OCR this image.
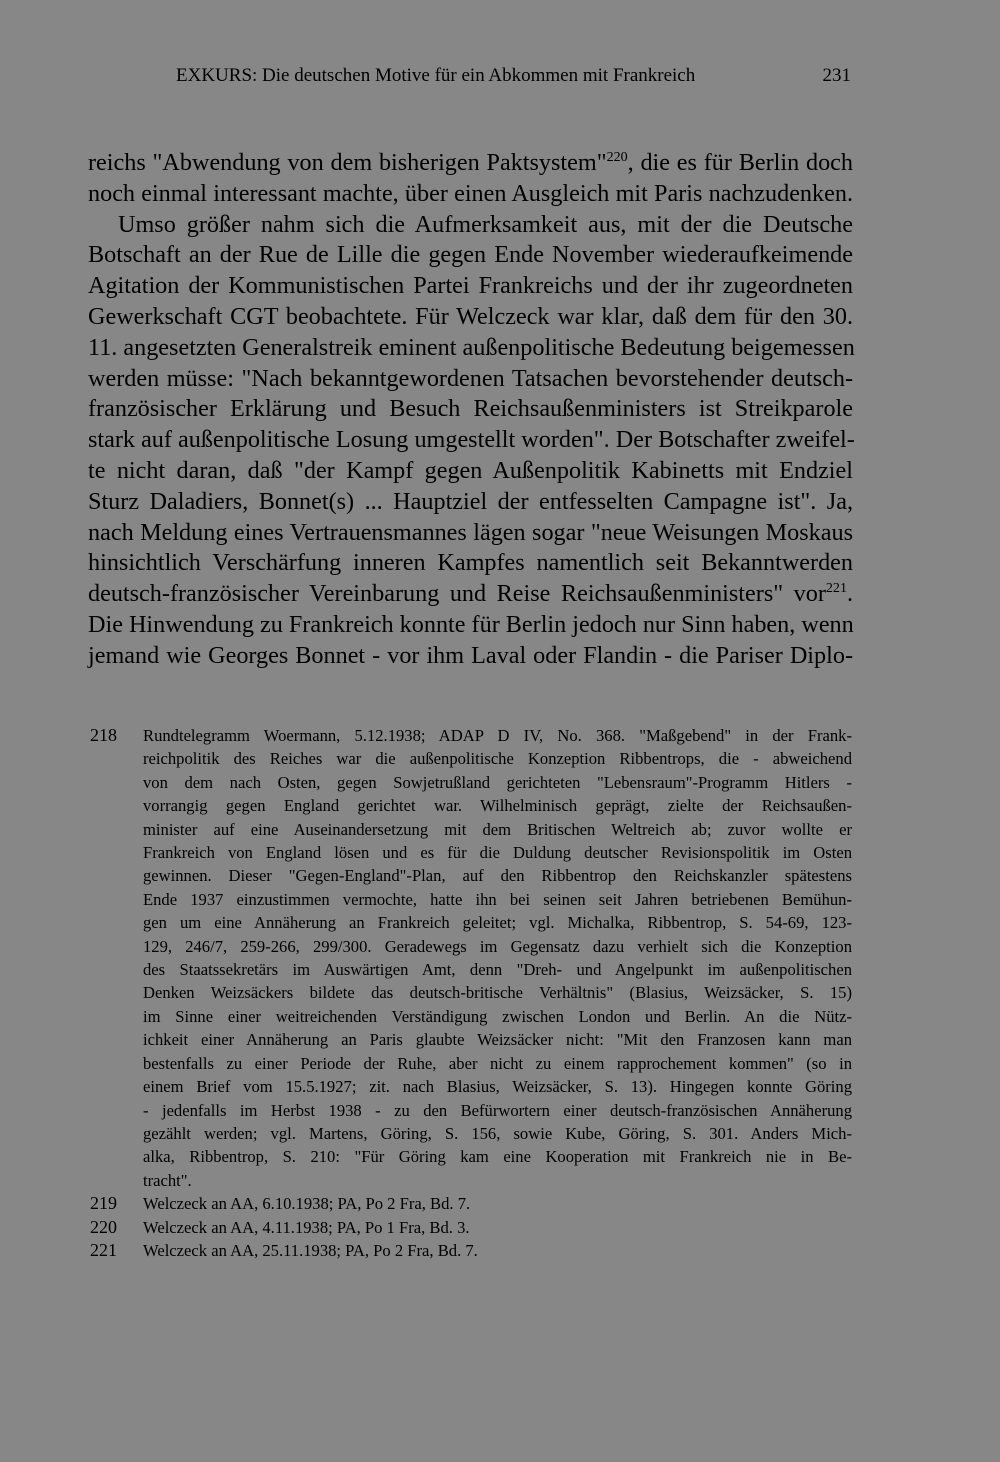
EXKURS: Die deutschen Motive für ein Abkommen mit Frankreich	231
reichs "Abwendung von dem bisherigen Paktsystem"$^{220}$, die es für Berlin doch
noch einmal interessant machte, über einen Ausgleich mit Paris nachzudenken.
Umso größer nahm sich die Aufmerksamkeit aus, mit der die Deutsche
Botschaft an der Rue de Lille die gegen Ende November wiederaufkeimende
Agitation der Kommunistischen Partei Frankreichs und der ihr zugeordneten
Gewerkschaft CGT beobachtete. Für Welczeck war klar, daß dem für den 30.
11. angesetzten Generalstreik eminent außenpolitische Bedeutung beigemessen
werden müsse: "Nach bekanntgewordenen Tatsachen bevorstehender deutsch-
französischer Erklärung und Besuch Reichsaußenministers ist Streikparole
stark auf außenpolitische Losung umgestellt worden". Der Botschafter zweifel-
te nicht daran, daß "der Kampf gegen Außenpolitik Kabinetts mit Endziel
Sturz Daladiers, Bonnet(s) ... Hauptziel der entfesselten Campagne ist". Ja,
nach Meldung eines Vertrauensmannes lägen sogar "neue Weisungen Moskaus
hinsichtlich Verschärfung inneren Kampfes namentlich seit Bekanntwerden
deutsch-französischer Vereinbarung und Reise Reichsaußenministers" vor$^{221}$.
Die Hinwendung zu Frankreich konnte für Berlin jedoch nur Sinn haben, wenn
jemand wie Georges Bonnet - vor ihm Laval oder Flandin - die Pariser Diplo-
218 Rundtelegramm Woermann, 5.12.1938; ADAP D IV, No. 368. "Maßgebend" in der Frank-
reichpolitik des Reiches war die außenpolitische Konzeption Ribbentrops, die - abweichend
von dem nach Osten, gegen Sowjetrußland gerichteten "Lebensraum"-Programm Hitlers -
vorrangig gegen England gerichtet war. Wilhelminisch geprägt, zielte der Reichsaußen-
minister auf eine Auseinandersetzung mit dem Britischen Weltreich ab; zuvor wollte er
Frankreich von England lösen und es für die Duldung deutscher Revisionspolitik im Osten
gewinnen. Dieser "Gegen-England"-Plan, auf den Ribbentrop den Reichskanzler spätestens
Ende 1937 einzustimmen vermochte, hatte ihn bei seinen seit Jahren betriebenen Bemühun-
gen um eine Annäherung an Frankreich geleitet; vgl. Michalka, Ribbentrop, S. 54-69, 123-
129, 246/7, 259-266, 299/300. Geradewegs im Gegensatz dazu verhielt sich die Konzeption
des Staatssekretärs im Auswärtigen Amt, denn "Dreh- und Angelpunkt im außenpolitischen
Denken Weizsäckers bildete das deutsch-britische Verhältnis" (Blasius, Weizsäcker, S. 15)
im Sinne einer weitreichenden Verständigung zwischen London und Berlin. An die Nütz-
ichkeit einer Annäherung an Paris glaubte Weizsäcker nicht: "Mit den Franzosen kann man
bestenfalls zu einer Periode der Ruhe, aber nicht zu einem rapprochement kommen" (so in
einem Brief vom 15.5.1927; zit. nach Blasius, Weizsäcker, S. 13). Hingegen konnte Göring
- jedenfalls im Herbst 1938 - zu den Befürwortern einer deutsch-französischen Annäherung
gezählt werden; vgl. Martens, Göring, S. 156, sowie Kube, Göring, S. 301. Anders Mich-
alka, Ribbentrop, S. 210: "Für Göring kam eine Kooperation mit Frankreich nie in Be-
tracht".
219 Welczeck an AA, 6.10.1938; PA, Po 2 Fra, Bd. 7.
220 Welczeck an AA, 4.11.1938; PA, Po 1 Fra, Bd. 3.
221 Welczeck an AA, 25.11.1938; PA, Po 2 Fra, Bd. 7.
